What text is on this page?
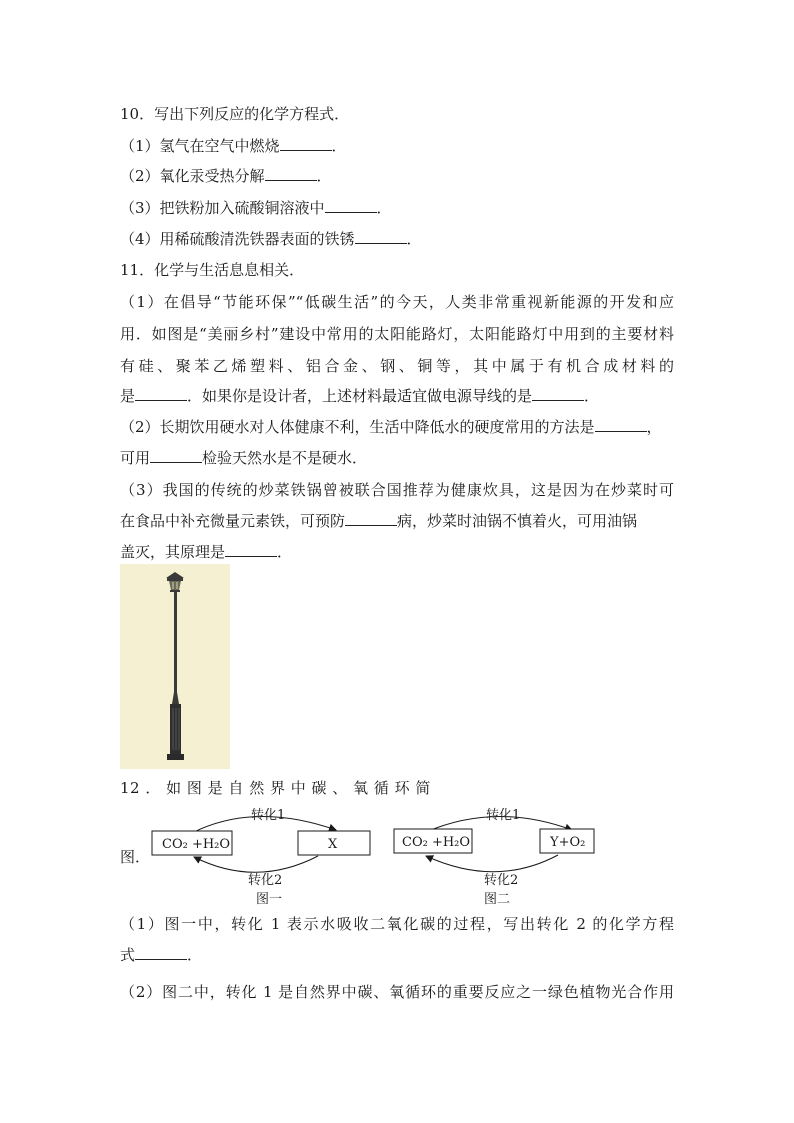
10．写出下列反应的化学方程式．
（1）氢气在空气中燃烧	．
（2）氧化汞受热分解	．
（3）把铁粉加入硫酸铜溶液中	．
（4）用稀硫酸清洗铁器表面的铁锈	．
11．化学与生活息息相关．
（1）在倡导“节能环保”“低碳生活”的今天，人类非常重视新能源的开发和应
用．如图是“美丽乡村”建设中常用的太阳能路灯，太阳能路灯中用到的主要材料
有硅、聚苯乙烯塑料、铝合金、钢、铜等，其中属于有机合成材料的
是	．如果你是设计者，上述材料最适宜做电源导线的是	．
（2）长期饮用硬水对人体健康不利，生活中降低水的硬度常用的方法是	，
可用	检验天然水是不是硬水．
（3）我国的传统的炒菜铁锅曾被联合国推荐为健康炊具，这是因为在炒菜时可
在食品中补充微量元素铁，可预防	病，炒菜时油锅不慎着火，可用油锅
盖灭，其原理是	．
12 ． 如 图 是 自 然 界 中 碳 、 氧 循 环 简
图．
转化1
CO₂ +H₂O	X
转化2
图一
转化1
CO₂ +H₂O	Y+O₂
转化2
图二
（1）图一中，转化 1 表示水吸收二氧化碳的过程，写出转化 2 的化学方程
式	．
（2）图二中，转化 1 是自然界中碳、氧循环的重要反应之一绿色植物光合作用
